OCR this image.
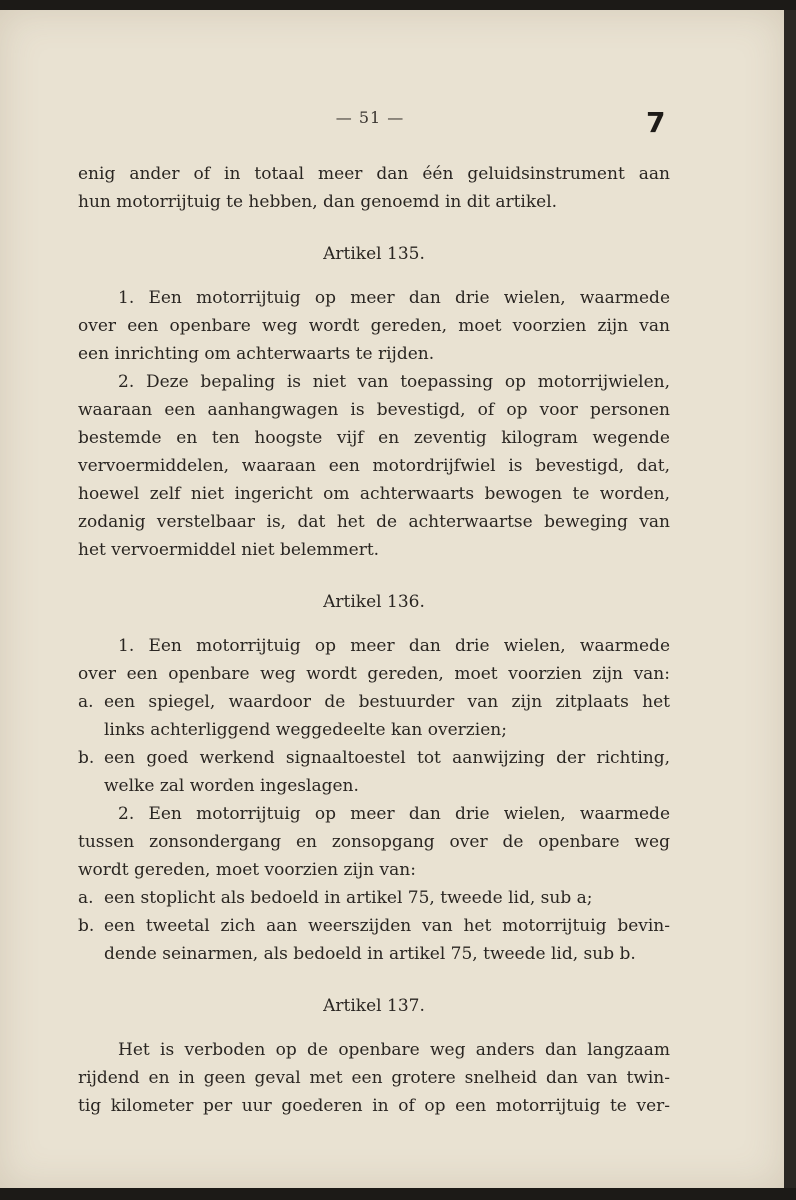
— 51 —	7

enig ander of in totaal meer dan één geluidsinstrument aan

hun motorrijtuig te hebben, dan genoemd in dit artikel.

Artikel 135.

1. Een motorrijtuig op meer dan drie wielen, waarmede

over een openbare weg wordt gereden, moet voorzien zijn van

een inrichting om achterwaarts te rijden.

2. Deze bepaling is niet van toepassing op motorrijwielen,

waaraan een aanhangwagen is bevestigd, of op voor personen

bestemde en ten hoogste vijf en zeventig kilogram wegende

vervoermiddelen, waaraan een motordrijfwiel is bevestigd, dat,

hoewel zelf niet ingericht om achterwaarts bewogen te worden,

zodanig verstelbaar is, dat het de achterwaartse beweging van

het vervoermiddel niet belemmert.

Artikel 136.

1. Een motorrijtuig op meer dan drie wielen, waarmede

over een openbare weg wordt gereden, moet voorzien zijn van:

a. een spiegel, waardoor de bestuurder van zijn zitplaats het

links achterliggend weggedeelte kan overzien;

b. een goed werkend signaaltoestel tot aanwijzing der richting,

welke zal worden ingeslagen.

2. Een motorrijtuig op meer dan drie wielen, waarmede

tussen zonsondergang en zonsopgang over de openbare weg

wordt gereden, moet voorzien zijn van:

a. een stoplicht als bedoeld in artikel 75, tweede lid, sub a;

b. een tweetal zich aan weerszijden van het motorrijtuig bevin-

dende seinarmen, als bedoeld in artikel 75, tweede lid, sub b.

Artikel 137.

Het is verboden op de openbare weg anders dan langzaam

rijdend en in geen geval met een grotere snelheid dan van twin-

tig kilometer per uur goederen in of op een motorrijtuig te ver-
